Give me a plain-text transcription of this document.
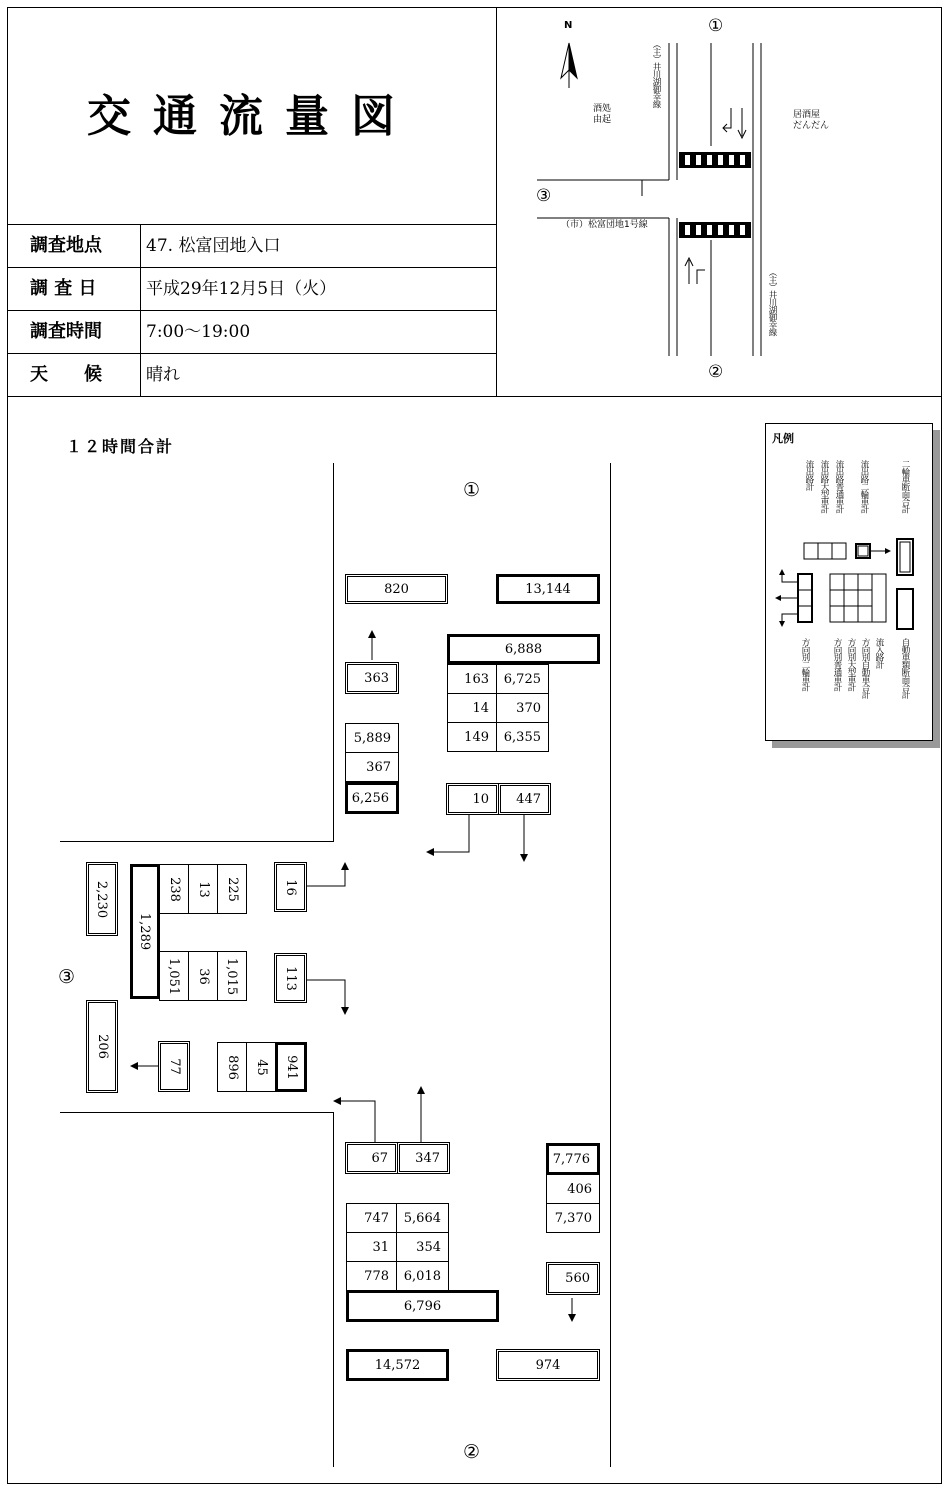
交通流量図
調査地点	47. 松富団地入口
調 査 日	平成29年12月5日（火）
調査時間	7:00〜19:00
天　　候	晴れ
①
②
③
N
（主）井川湖御幸線
（主）井川湖御幸線
（市）松富団地1号線
酒処
由起	居酒屋
だんだん
１２時間合計
①
②
③
820	13,144
6,888
163	6,725
14	370
149	6,355
363
5,889
367
6,256	10	447
2,230
1,289
238 13 225
1,051 36 1,015
16
113
206
77	896 45 941
67	347	7,776
406
7,370
747	5,664
31	354
778	6,018
6,796
560
14,572	974
凡例
流出路計 流出路大型車計 流出路普通車計 流出路二輪車計	二輪車断面合計
方向別二輪車計	方向別普通車計 方向別大型車計 方向別自動車合計 流入路計 自動車類断面合計
